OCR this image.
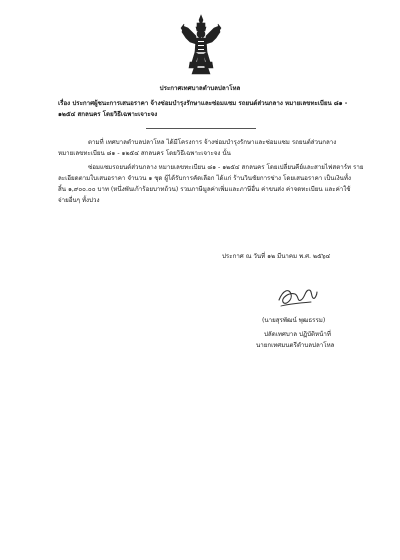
ประกาศเทศบาลตำบลปลาโหล
เรื่อง ประกาศผู้ชนะการเสนอราคา จ้างซ่อมบำรุงรักษาและซ่อมแซม รถยนต์ส่วนกลาง หมายเลขทะเบียน ๘๑ -
๑๒๕๔ สกลนคร โดยวิธีเฉพาะเจาะจง
ตามที่ เทศบาลตำบลปลาโหล ได้มีโครงการ จ้างซ่อมบำรุงรักษาและซ่อมแซม รถยนต์ส่วนกลาง
หมายเลขทะเบียน ๘๑ - ๑๒๕๔ สกลนคร โดยวิธีเฉพาะเจาะจง นั้น
ซ่อมแซมรถยนต์ส่วนกลาง หมายเลขทะเบียน ๘๑ - ๑๒๕๔ สกลนคร โดยเปลี่ยนคีย์และสายไฟสตาร์ท ราย
ละเอียดตามใบเสนอราคา จำนวน ๑ ชุด ผู้ได้รับการคัดเลือก ได้แก่ ร้านวินชัยการช่าง โดยเสนอราคา เป็นเงินทั้ง
สิ้น ๑,๙๐๐.๐๐ บาท (หนึ่งพันเก้าร้อยบาทถ้วน) รวมภาษีมูลค่าเพิ่มและภาษีอื่น ค่าขนส่ง ค่าจดทะเบียน และค่าใช้
จ่ายอื่นๆ ทั้งปวง
ประกาศ ณ วันที่ ๑๒ มีนาคม พ.ศ. ๒๕๖๔
(นายสุรพัฒน์ พุฒธรรม)
ปลัดเทศบาล ปฏิบัติหน้าที่
นายกเทศมนตรีตำบลปลาโหล
